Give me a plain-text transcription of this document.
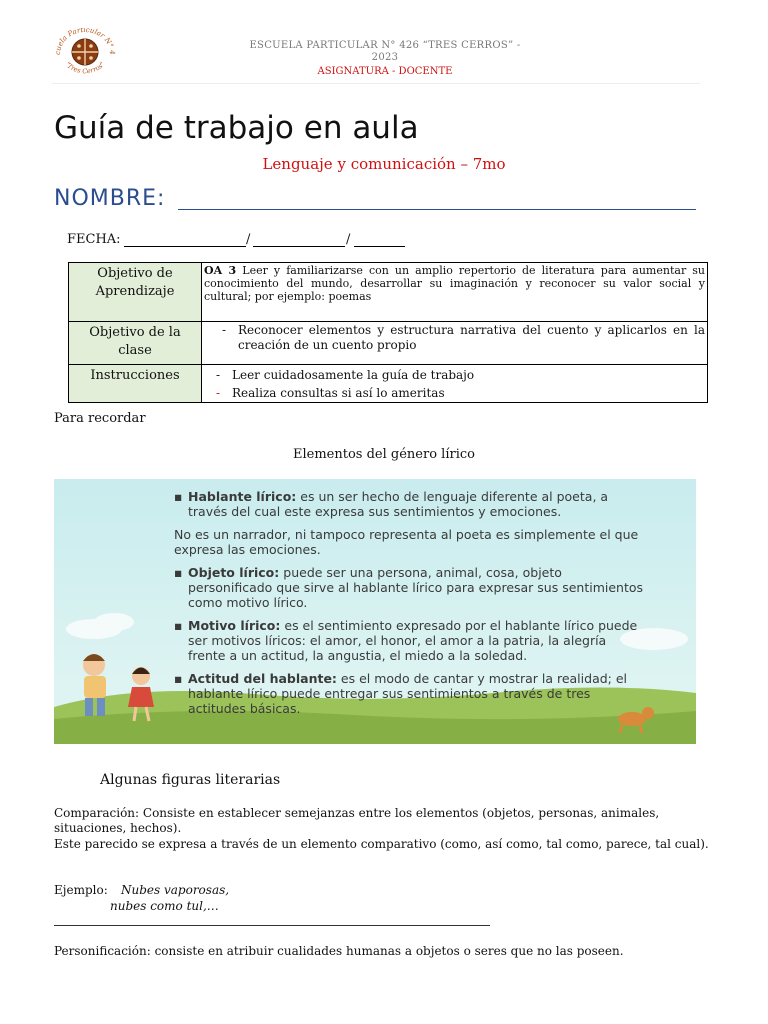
cuela Particular N° 4
"Tres Cerros"
ESCUELA PARTICULAR N° 426 “TRES CERROS” - 2023
ASIGNATURA - DOCENTE
Guía de trabajo en aula
Lenguaje y comunicación – 7mo
NOMBRE:
FECHA:	/	/
Objetivo de Aprendizaje	OA 3 Leer y familiarizarse con un amplio repertorio de literatura para aumentar su conocimiento del mundo, desarrollar su imaginación y reconocer su valor social y cultural; por ejemplo: poemas
Objetivo de la clase	- Reconocer elementos y estructura narrativa del cuento y aplicarlos en la creación de un cuento propio

Instrucciones	- Leer cuidadosamente la guía de trabajo
- Realiza consultas si así lo ameritas
Para recordar
Elementos del género lírico
▪ Hablante lírico: es un ser hecho de lenguaje diferente al poeta, a través del cual este expresa sus sentimientos y emociones.
No es un narrador, ni tampoco representa al poeta es simplemente el que expresa las emociones.
▪ Objeto lírico: puede ser una persona, animal, cosa, objeto personificado que sirve al hablante lírico para expresar sus sentimientos como motivo lírico.
▪ Motivo lírico: es el sentimiento expresado por el hablante lírico puede ser motivos líricos: el amor, el honor, el amor a la patria, la alegría frente a un actitud, la angustia, el miedo a la soledad.
▪ Actitud del hablante: es el modo de cantar y mostrar la realidad; el hablante lírico puede entregar sus sentimientos a través de tres actitudes básicas.
Algunas figuras literarias
Comparación: Consiste en establecer semejanzas entre los elementos (objetos, personas, animales, situaciones, hechos).
Este parecido se expresa a través de un elemento comparativo (como, así como, tal como, parece, tal cual).
Ejemplo: Nubes vaporosas,
nubes como tul,…
Personificación: consiste en atribuir cualidades humanas a objetos o seres que no las poseen.
